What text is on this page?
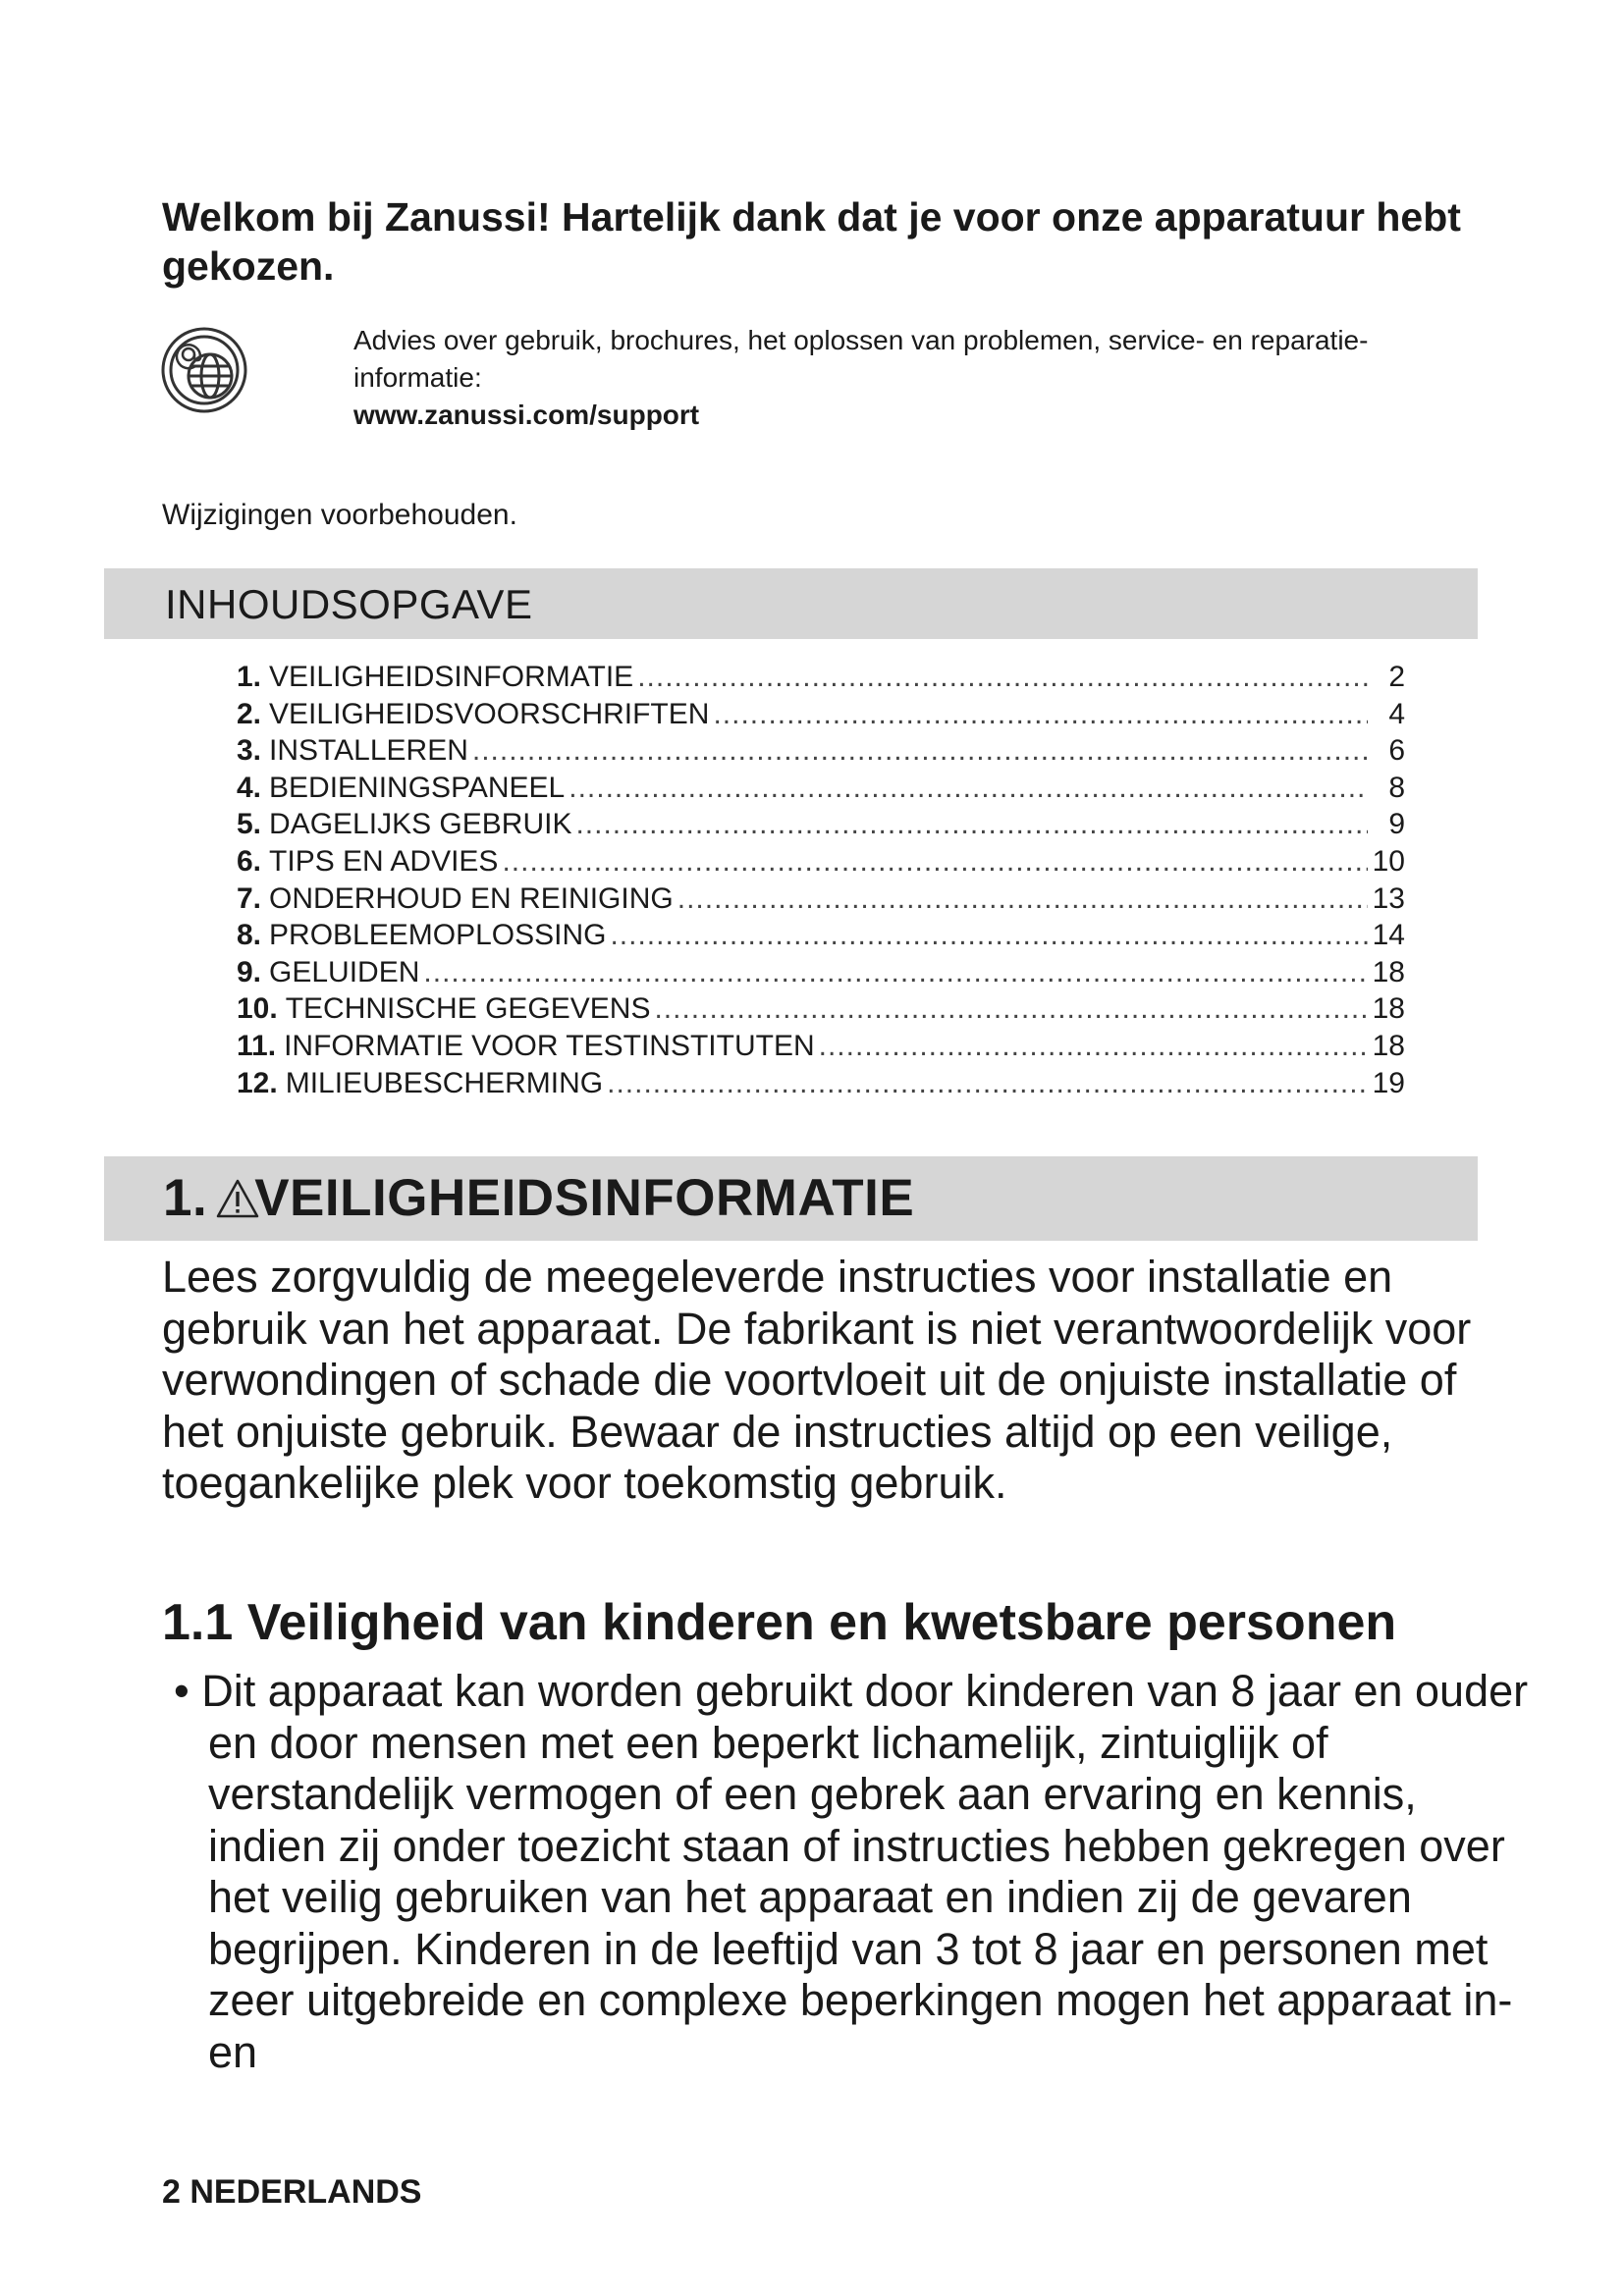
Welkom bij Zanussi! Hartelijk dank dat je voor onze apparatuur hebt gekozen.
Advies over gebruik, brochures, het oplossen van problemen, service- en reparatie-informatie:
www.zanussi.com/support
Wijzigingen voorbehouden.
INHOUDSOPGAVE
1. VEILIGHEIDSINFORMATIE .....	2
2. VEILIGHEIDSVOORSCHRIFTEN .....	4
3. INSTALLEREN .....	6
4. BEDIENINGSPANEEL .....	8
5. DAGELIJKS GEBRUIK .....	9
6. TIPS EN ADVIES .....	10
7. ONDERHOUD EN REINIGING .....	13
8. PROBLEEMOPLOSSING .....	14
9. GELUIDEN .....	18
10. TECHNISCHE GEGEVENS .....	18
11. INFORMATIE VOOR TESTINSTITUTEN .....	18
12. MILIEUBESCHERMING .....	19
1. VEILIGHEIDSINFORMATIE

Lees zorgvuldig de meegeleverde instructies voor installatie en gebruik van het apparaat. De fabrikant is niet verantwoordelijk voor verwondingen of schade die voortvloeit uit de onjuiste installatie of het onjuiste gebruik. Bewaar de instructies altijd op een veilige, toegankelijke plek voor toekomstig gebruik.

1.1 Veiligheid van kinderen en kwetsbare personen

• Dit apparaat kan worden gebruikt door kinderen van 8 jaar en ouder en door mensen met een beperkt lichamelijk, zintuiglijk of verstandelijk vermogen of een gebrek aan ervaring en kennis, indien zij onder toezicht staan of instructies hebben gekregen over het veilig gebruiken van het apparaat en indien zij de gevaren begrijpen. Kinderen in de leeftijd van 3 tot 8 jaar en personen met zeer uitgebreide en complexe beperkingen mogen het apparaat in- en

2 NEDERLANDS
